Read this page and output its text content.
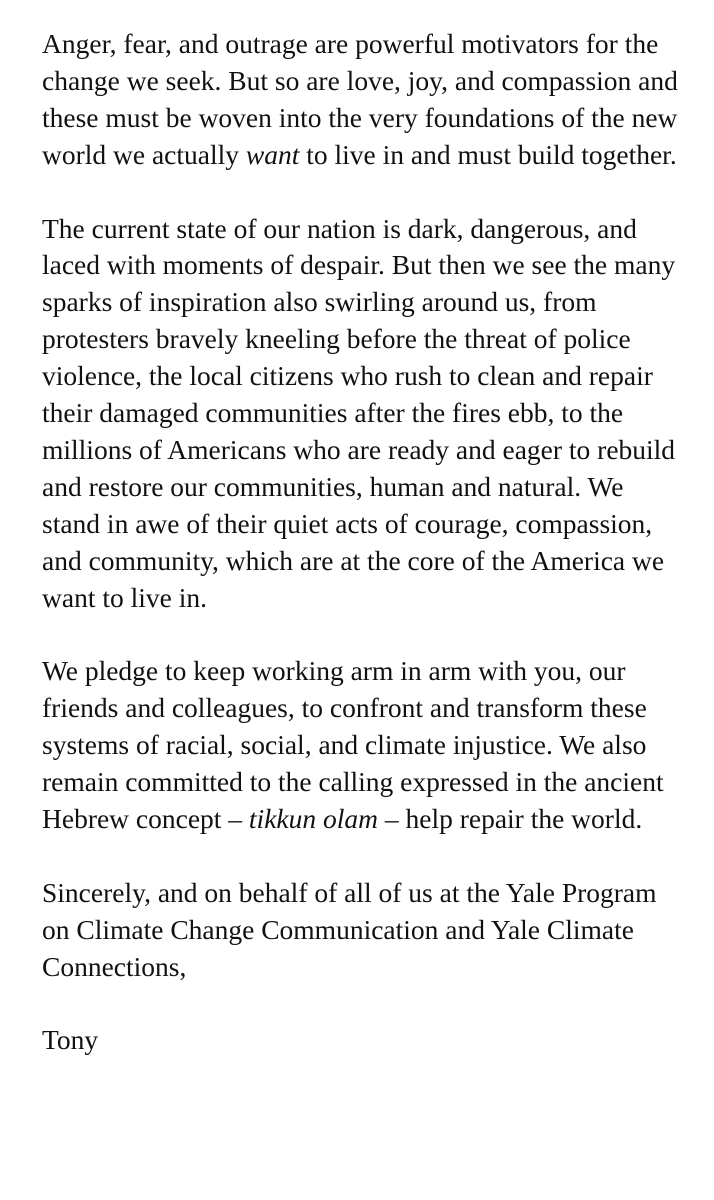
Anger, fear, and outrage are powerful motivators for the change we seek. But so are love, joy, and compassion and these must be woven into the very foundations of the new world we actually want to live in and must build together.

The current state of our nation is dark, dangerous, and laced with moments of despair. But then we see the many sparks of inspiration also swirling around us, from protesters bravely kneeling before the threat of police violence, the local citizens who rush to clean and repair their damaged communities after the fires ebb, to the millions of Americans who are ready and eager to rebuild and restore our communities, human and natural. We stand in awe of their quiet acts of courage, compassion, and community, which are at the core of the America we want to live in.

We pledge to keep working arm in arm with you, our friends and colleagues, to confront and transform these systems of racial, social, and climate injustice. We also remain committed to the calling expressed in the ancient Hebrew concept – tikkun olam – help repair the world.

Sincerely, and on behalf of all of us at the Yale Program on Climate Change Communication and Yale Climate Connections,

Tony
